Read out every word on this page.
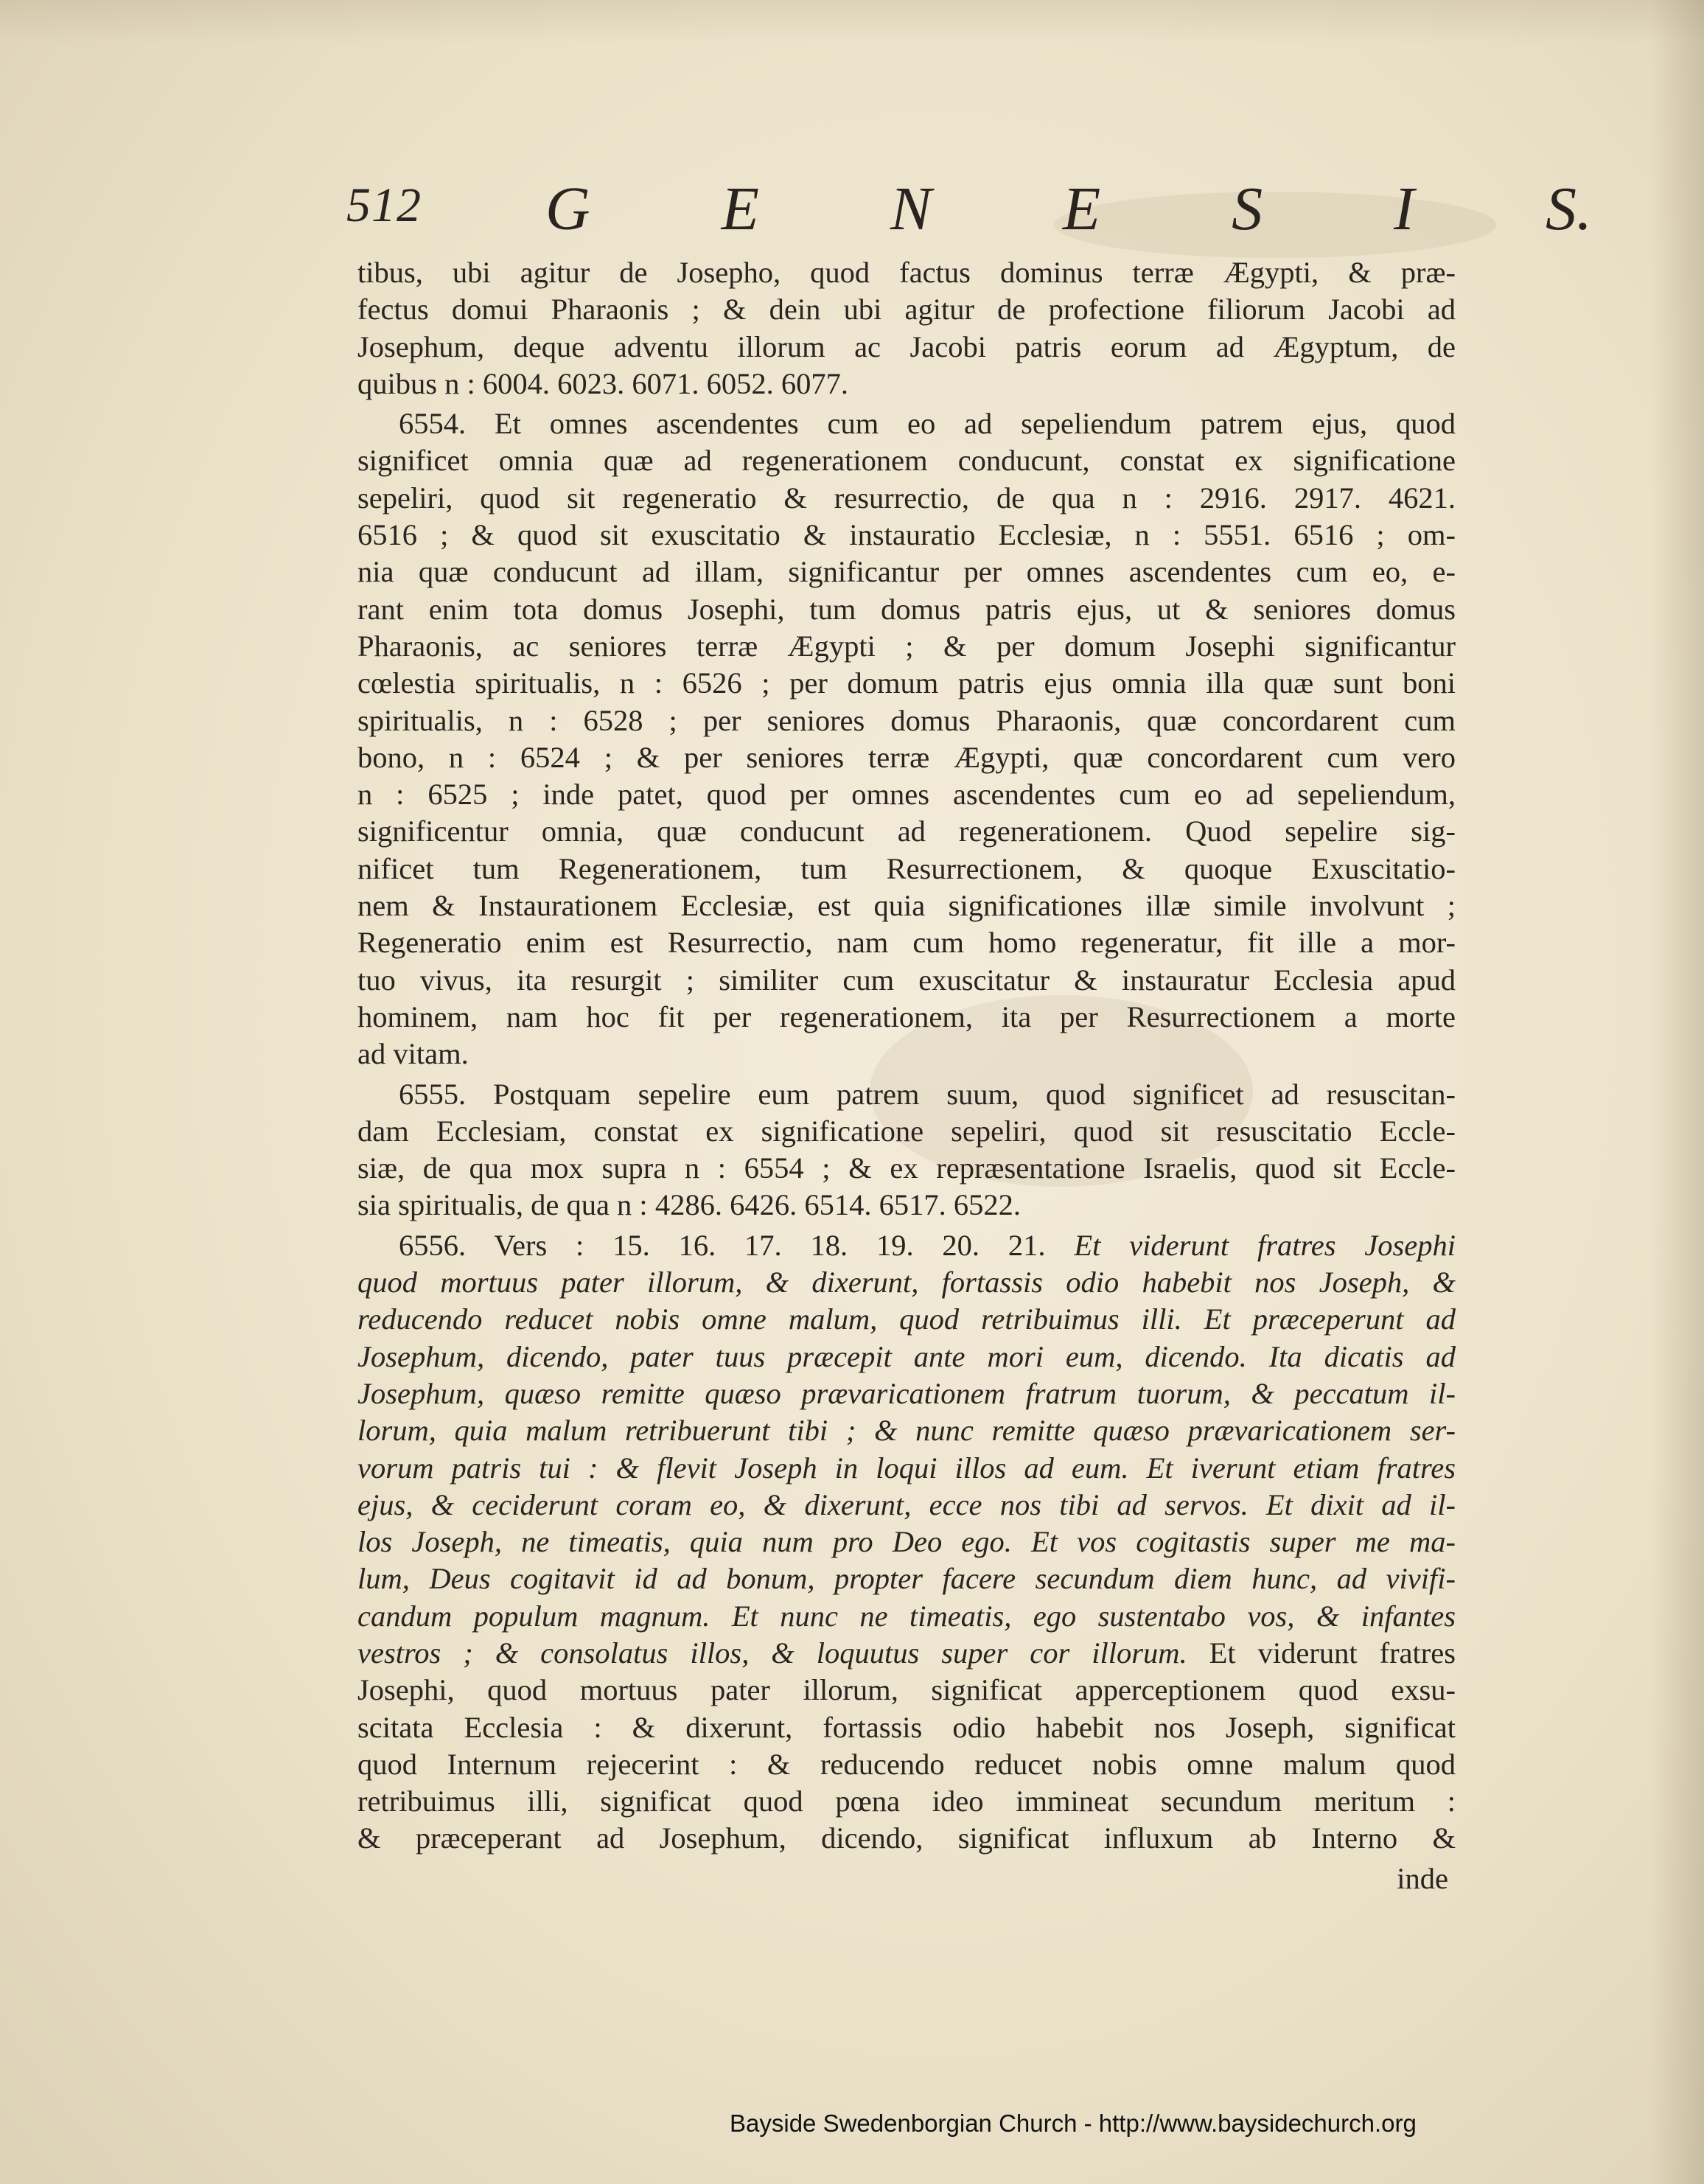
512 G E N E S I S.
tibus, ubi agitur de Josepho, quod factus dominus terræ Ægypti, & præ-
fectus domui Pharaonis ; & dein ubi agitur de profectione filiorum Jacobi ad
Josephum, deque adventu illorum ac Jacobi patris eorum ad Ægyptum, de
quibus n : 6004. 6023. 6071. 6052. 6077.
6554. Et omnes ascendentes cum eo ad sepeliendum patrem ejus, quod
significet omnia quæ ad regenerationem conducunt, constat ex significatione
sepeliri, quod sit regeneratio & resurrectio, de qua n : 2916. 2917. 4621.
6516 ; & quod sit exuscitatio & instauratio Ecclesiæ, n : 5551. 6516 ; om-
nia quæ conducunt ad illam, significantur per omnes ascendentes cum eo, e-
rant enim tota domus Josephi, tum domus patris ejus, ut & seniores domus
Pharaonis, ac seniores terræ Ægypti ; & per domum Josephi significantur
cœlestia spiritualis, n : 6526 ; per domum patris ejus omnia illa quæ sunt boni
spiritualis, n : 6528 ; per seniores domus Pharaonis, quæ concordarent cum
bono, n : 6524 ; & per seniores terræ Ægypti, quæ concordarent cum vero
n : 6525 ; inde patet, quod per omnes ascendentes cum eo ad sepeliendum,
significentur omnia, quæ conducunt ad regenerationem. Quod sepelire sig-
nificet tum Regenerationem, tum Resurrectionem, & quoque Exuscitatio-
nem & Instaurationem Ecclesiæ, est quia significationes illæ simile involvunt ;
Regeneratio enim est Resurrectio, nam cum homo regeneratur, fit ille a mor-
tuo vivus, ita resurgit ; similiter cum exuscitatur & instauratur Ecclesia apud
hominem, nam hoc fit per regenerationem, ita per Resurrectionem a morte
ad vitam.
6555. Postquam sepelire eum patrem suum, quod significet ad resuscitan-
dam Ecclesiam, constat ex significatione sepeliri, quod sit resuscitatio Eccle-
siæ, de qua mox supra n : 6554 ; & ex repræsentatione Israelis, quod sit Eccle-
sia spiritualis, de qua n : 4286. 6426. 6514. 6517. 6522.
6556. Vers : 15. 16. 17. 18. 19. 20. 21. Et viderunt fratres Josephi
quod mortuus pater illorum, & dixerunt, fortassis odio habebit nos Joseph, &
reducendo reducet nobis omne malum, quod retribuimus illi. Et præceperunt ad
Josephum, dicendo, pater tuus præcepit ante mori eum, dicendo. Ita dicatis ad
Josephum, quæso remitte quæso prævaricationem fratrum tuorum, & peccatum il-
lorum, quia malum retribuerunt tibi ; & nunc remitte quæso prævaricationem ser-
vorum patris tui : & flevit Joseph in loqui illos ad eum. Et iverunt etiam fratres
ejus, & ceciderunt coram eo, & dixerunt, ecce nos tibi ad servos. Et dixit ad il-
los Joseph, ne timeatis, quia num pro Deo ego. Et vos cogitastis super me ma-
lum, Deus cogitavit id ad bonum, propter facere secundum diem hunc, ad vivifi-
candum populum magnum. Et nunc ne timeatis, ego sustentabo vos, & infantes
vestros ; & consolatus illos, & loquutus super cor illorum. Et viderunt fratres
Josephi, quod mortuus pater illorum, significat apperceptionem quod exsu-
scitata Ecclesia : & dixerunt, fortassis odio habebit nos Joseph, significat
quod Internum rejecerint : & reducendo reducet nobis omne malum quod
retribuimus illi, significat quod pœna ideo immineat secundum meritum :
& præceperant ad Josephum, dicendo, significat influxum ab Interno &
inde
Bayside Swedenborgian Church - http://www.baysidechurch.org
